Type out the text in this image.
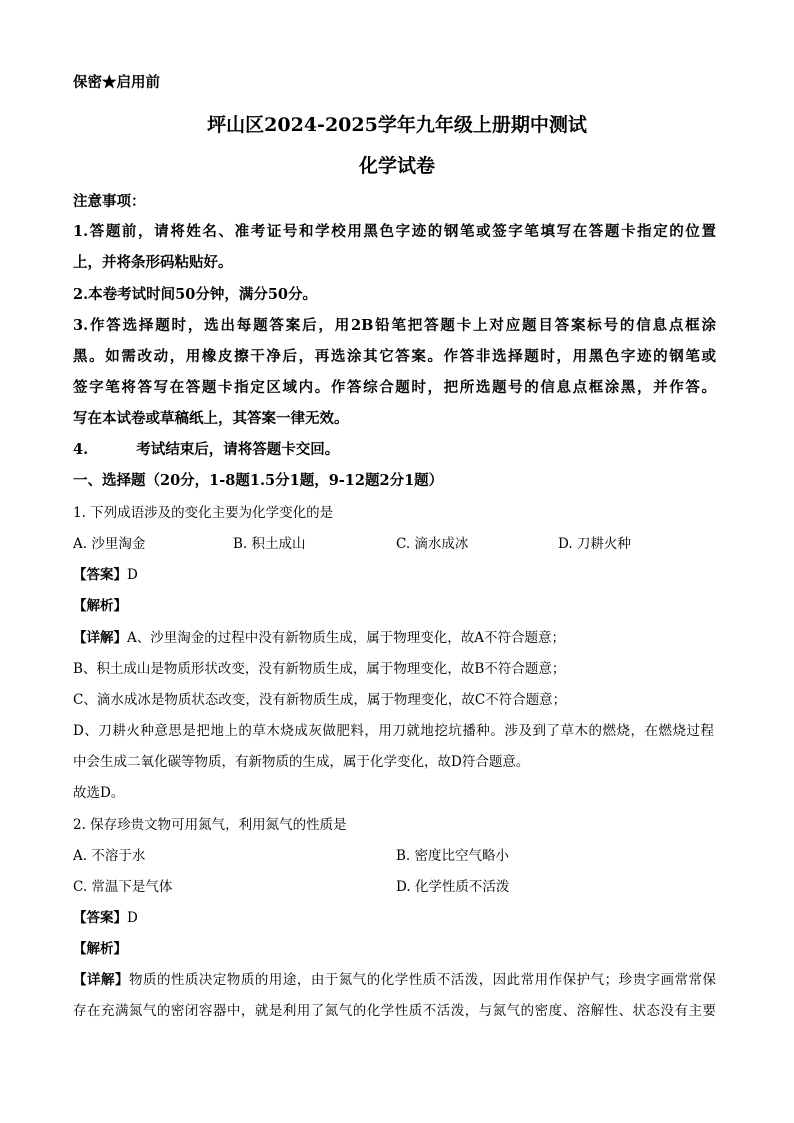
保密★启用前
坪山区2024-2025学年九年级上册期中测试
化学试卷
注意事项：
1.答题前，请将姓名、准考证号和学校用黑色字迹的钢笔或签字笔填写在答题卡指定的位置
上，并将条形码粘贴好。
2.本卷考试时间50分钟，满分50分。
3.作答选择题时，选出每题答案后，用2B铅笔把答题卡上对应题目答案标号的信息点框涂
黑。如需改动，用橡皮擦干净后，再选涂其它答案。作答非选择题时，用黑色字迹的钢笔或
签字笔将答写在答题卡指定区域内。作答综合题时，把所选题号的信息点框涂黑，并作答。
写在本试卷或草稿纸上，其答案一律无效。
4.	考试结束后，请将答题卡交回。
一、选择题（20分，1-8题1.5分1题，9-12题2分1题）
1. 下列成语涉及的变化主要为化学变化的是
A. 沙里淘金	B. 积土成山	C. 滴水成冰	D. 刀耕火种
【答案】D
【解析】
【详解】A、沙里淘金的过程中没有新物质生成，属于物理变化，故A不符合题意；
B、积土成山是物质形状改变，没有新物质生成，属于物理变化，故B不符合题意；
C、滴水成冰是物质状态改变，没有新物质生成，属于物理变化，故C不符合题意；
D、刀耕火种意思是把地上的草木烧成灰做肥料，用刀就地挖坑播种。涉及到了草木的燃烧，在燃烧过程
中会生成二氧化碳等物质，有新物质的生成，属于化学变化，故D符合题意。
故选D。
2. 保存珍贵文物可用氮气，利用氮气的性质是
A. 不溶于水	B. 密度比空气略小
C. 常温下是气体	D. 化学性质不活泼
【答案】D
【解析】
【详解】物质的性质决定物质的用途，由于氮气的化学性质不活泼，因此常用作保护气；珍贵字画常常保
存在充满氮气的密闭容器中，就是利用了氮气的化学性质不活泼，与氮气的密度、溶解性、状态没有主要
